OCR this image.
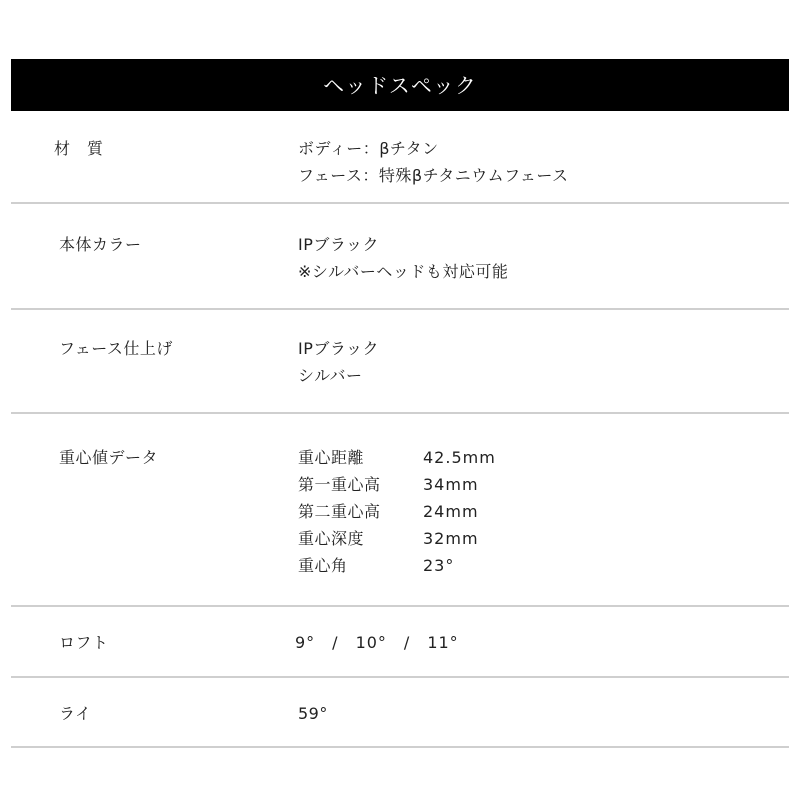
ヘッドスペック
材　質	ボディー：βチタン
フェース：特殊βチタニウムフェース
本体カラー	IPブラック
※シルバーヘッドも対応可能
フェース仕上げ	IPブラック
シルバー
重心値データ	重心距離	42.5mm
第一重心高	34mm
第二重心高	24mm
重心深度	32mm
重心角	23°
ロフト	9°　/　10°　/　11°
ライ	59°
